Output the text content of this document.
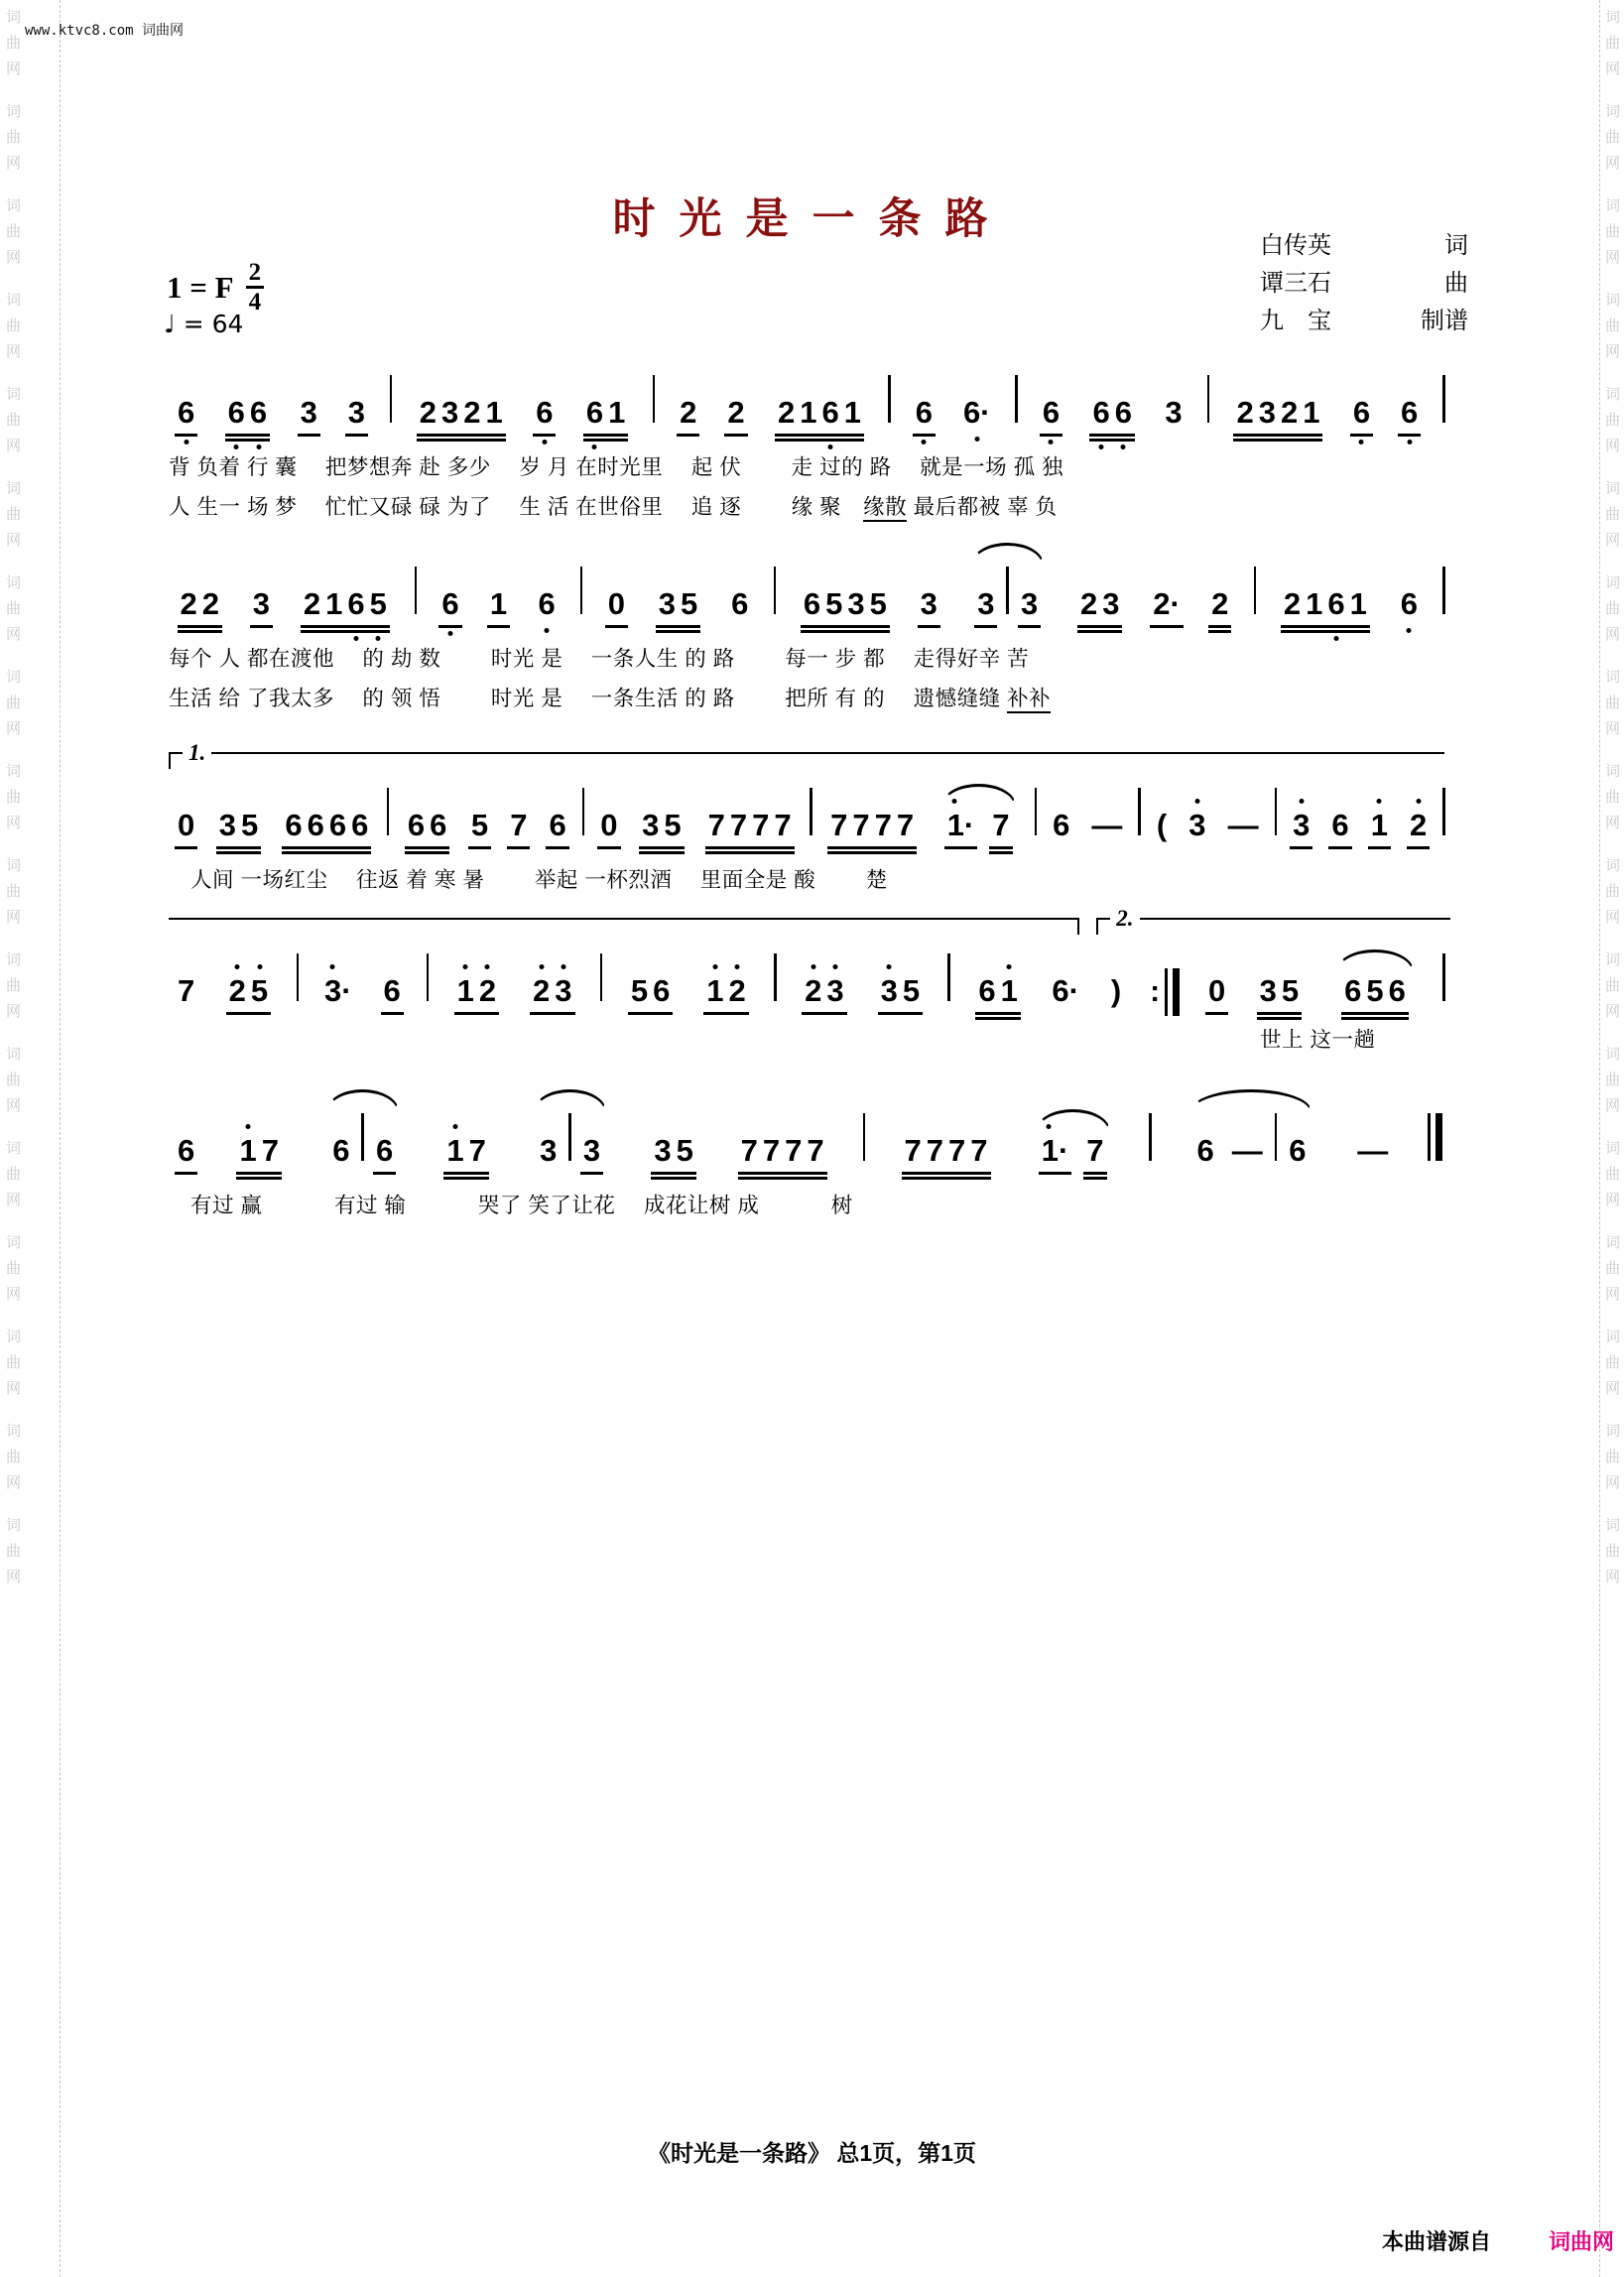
词
曲
网
词
曲
网
词
曲
网
词
曲
网
词
曲
网
词
曲
网
词
曲
网
词
曲
网
词
曲
网
词
曲
网
词
曲
网
词
曲
网
词
曲
网
词
曲
网
词
曲
网
词
曲
网
词
曲
网
词
曲
网
词
曲
网
词
曲
网
词
曲
网
词
曲
网
词
曲
网
词
曲
网
词
曲
网
词
曲
网
词
曲
网
词
曲
网
词
曲
网
词
曲
网
词
曲
网
词
曲
网
词
曲
网
词
曲
网
www.ktvc8.com 词曲网
时光是一条路
白传英	词
谭三石	曲
九　宝	制谱
1 = F $\frac{2}{4}$
♩ = 64
6 6 6 3 3 2 3 2 1 6 6 1 2 2 2 1 6 1 6 6· 6 6 6 3 2 3 2 1 6 6
背 负着 行 囊　 把梦想奔 赴 多少　 岁 月 在时光里　 起 伏　　 走 过的 路　 就是一场 孤 独
人 生一 场 梦　 忙忙又碌 碌 为了　 生 活 在世俗里　 追 逐　　 缘 聚　缘散 最后都被 辜 负
2 2 3 2 1 6 5 6 1 6 0 3 5 6 6 5 3 5 3 3 3 2 3 2· 2 2 1 6 1 6
每个 人 都在渡他　 的 劫 数　　 时光 是　 一条人生 的 路　　 每一 步 都　 走得好辛 苦
生活 给 了我太多　 的 领 悟　　 时光 是　 一条生活 的 路　　 把所 有 的　 遗憾缝缝 补补
1.
0 3 5 6 6 6 6 6 6 5 7 6 0 3 5 7 7 7 7 7 7 7 7 1· 7 6 — ( 3 — 3 6 1 2
　人间 一场红尘　 往返 着 寒 暑　　 举起 一杯烈酒　 里面全是 酸　　 楚
2.
7 2 5 3· 6 1 2 2 3 5 6 1 2 2 3 3 5 6 1 6· ) : 0 3 5 6 5 6
世上 这一趟
6 1 7 6 6 1 7 3 3 3 5 7 7 7 7	7 7 7 7 1· 7	6 — 6 —
　有过 赢　　　 有过 输　　　 哭了 笑了让花　 成花让树 成　　　 树
《时光是一条路》 总1页，第1页
本曲谱源自	词曲网
